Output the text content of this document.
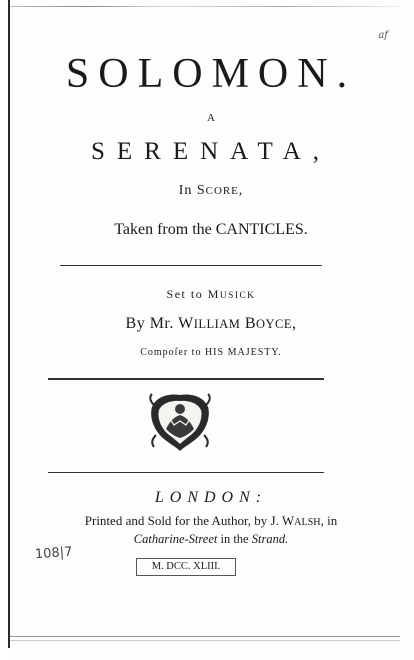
af
SOLOMON.
A
SERENATA,
In SCORE,
Taken from the CANTICLES.
Set to MUSICK
By Mr. WILLIAM BOYCE,
Compoſer to HIS MAJESTY.
LONDON:
Printed and Sold for the Author, by J. WALSH, in
Catharine-Street in the Strand.
108|7
M. DCC. XLIII.
